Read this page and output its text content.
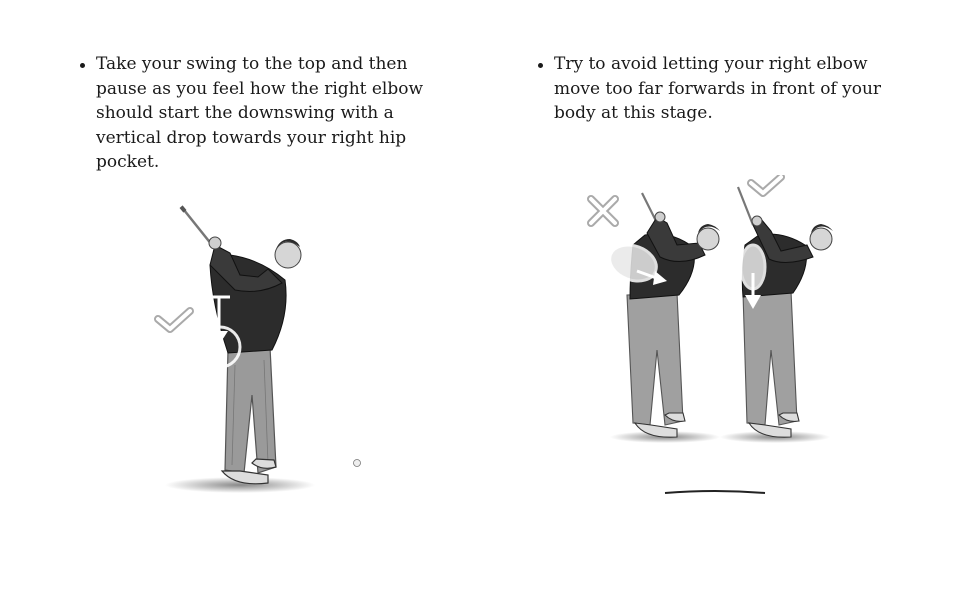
Take your swing to the top and then pause as you feel how the right elbow should start the downswing with a vertical drop towards your right hip pocket.
Try to avoid letting your right elbow move too far forwards in front of your body at this stage.
